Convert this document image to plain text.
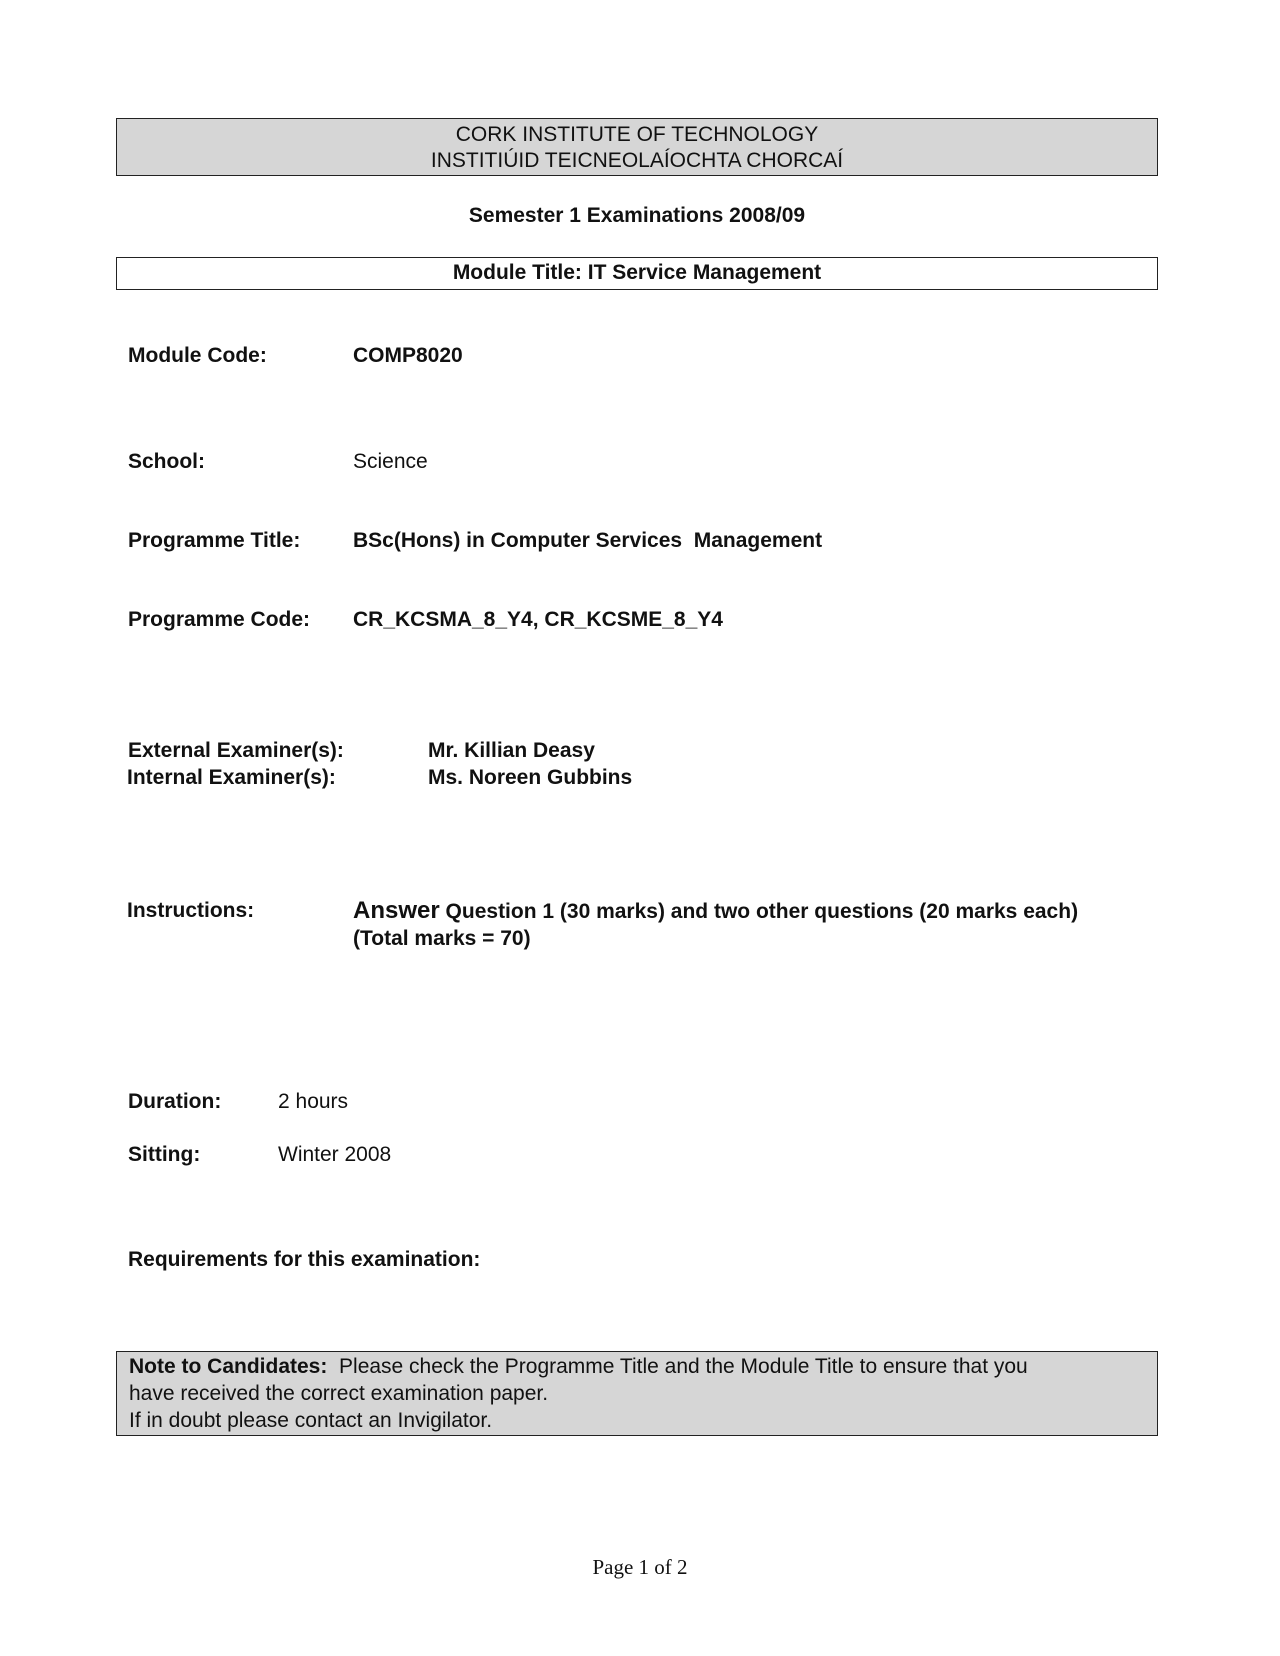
CORK INSTITUTE OF TECHNOLOGY
INSTITIÚID TEICNEOLAÍOCHTA CHORCAÍ
Semester 1 Examinations 2008/09
Module Title: IT Service Management
Module Code:	COMP8020
School:	Science
Programme Title:	BSc(Hons) in Computer Services  Management
Programme Code: CR_KCSMA_8_Y4, CR_KCSME_8_Y4
External Examiner(s):	Mr. Killian Deasy
Internal Examiner(s):	Ms. Noreen Gubbins
Instructions:	Answer Question 1 (30 marks) and two other questions (20 marks each)
(Total marks = 70)
Duration:	2 hours
Sitting:	Winter 2008
Requirements for this examination:
Note to Candidates: Please check the Programme Title and the Module Title to ensure that you
have received the correct examination paper.
If in doubt please contact an Invigilator.
Page 1 of 2
